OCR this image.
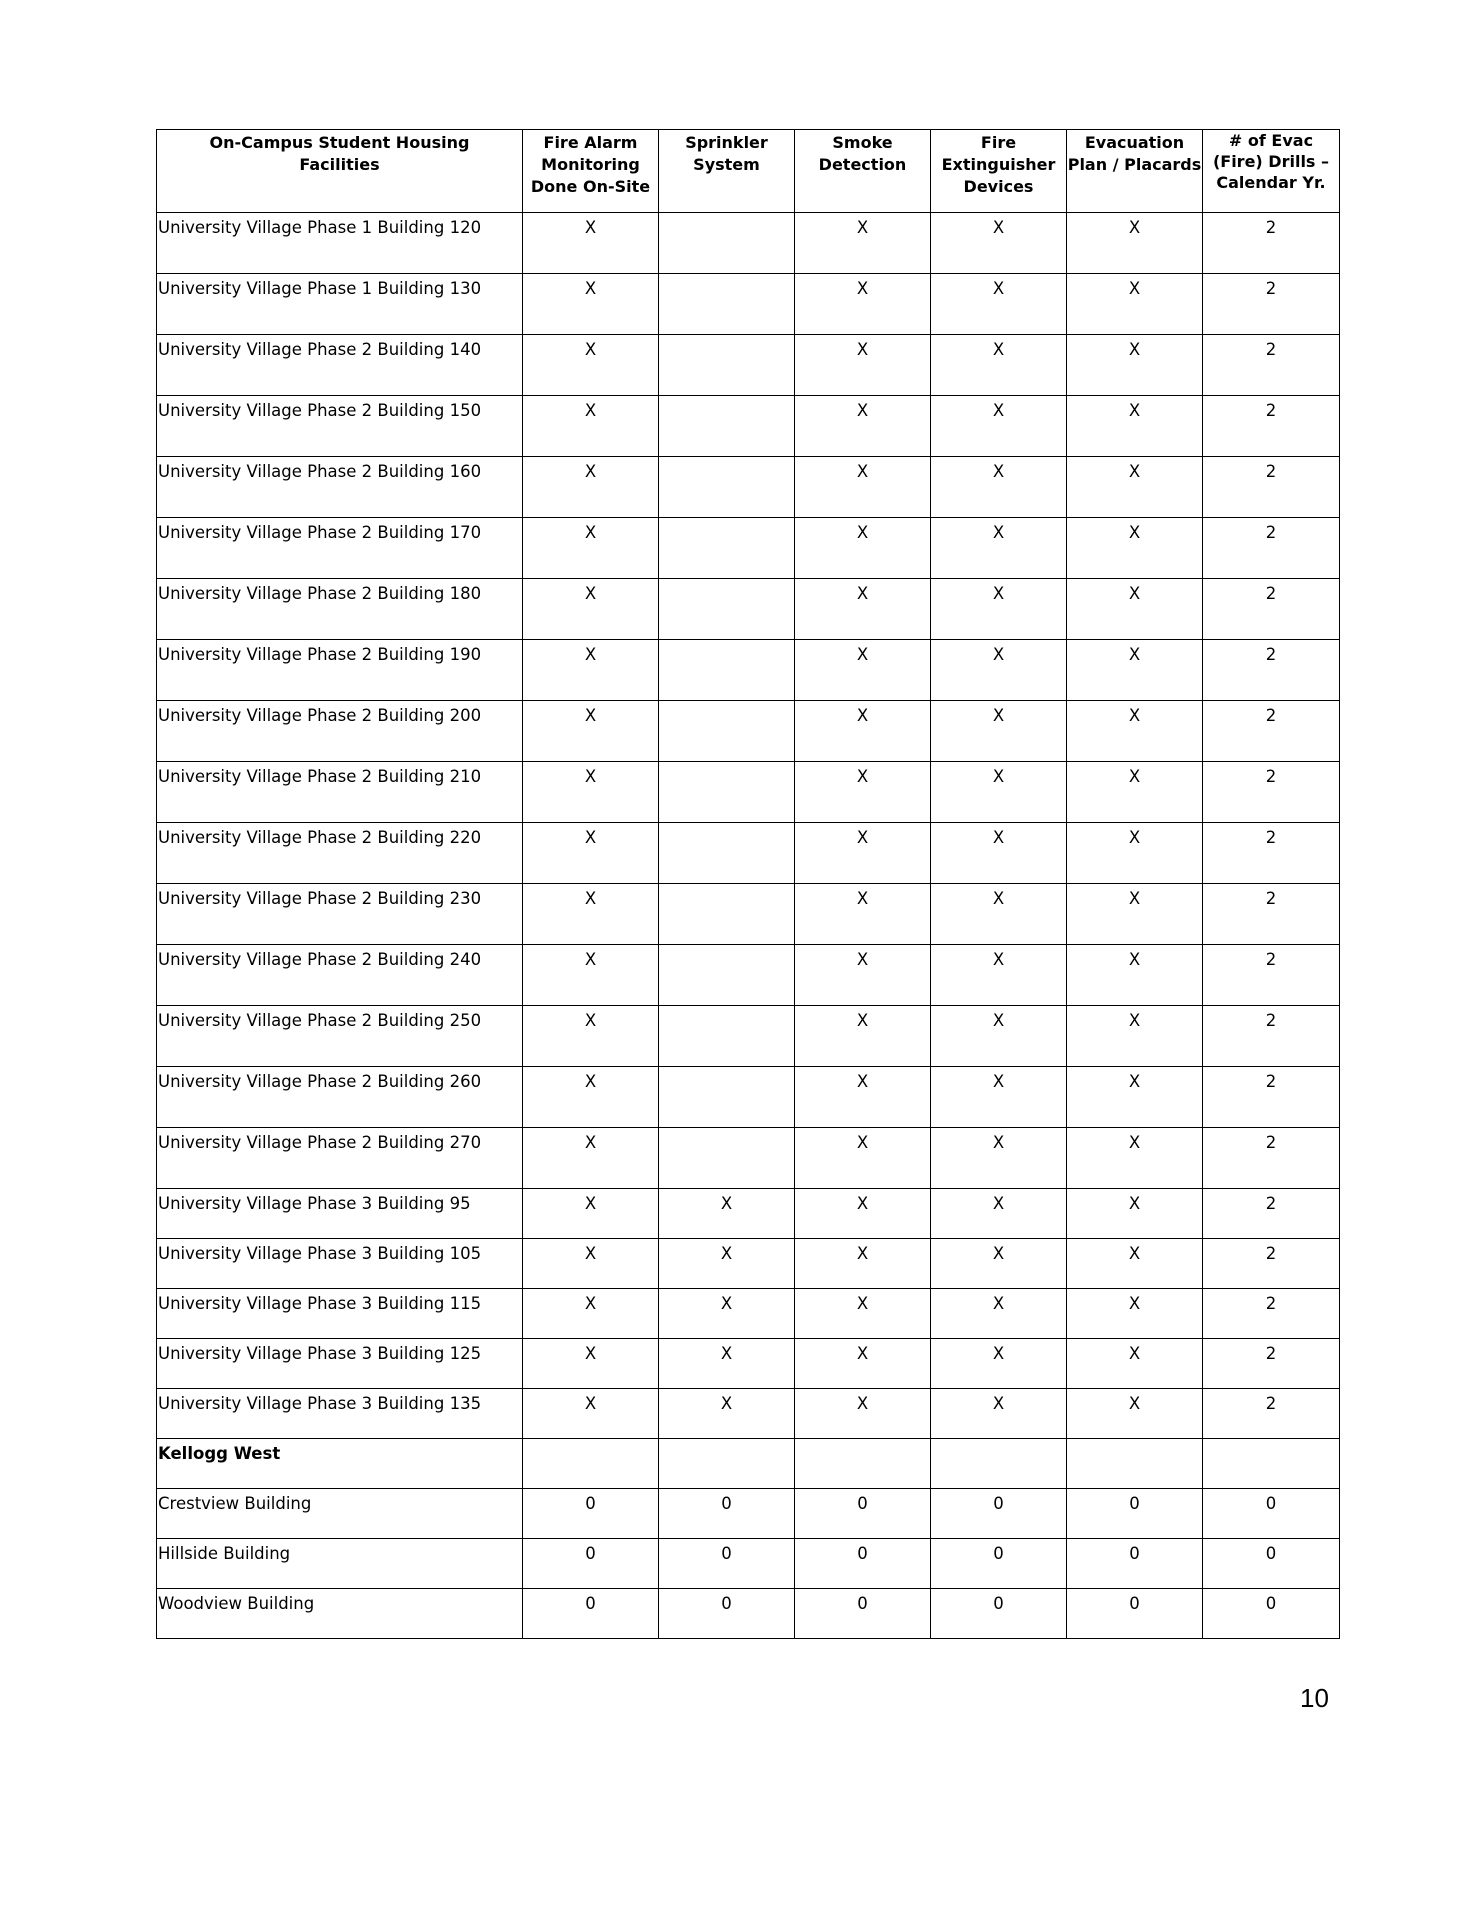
On-Campus Student Housing Facilities	Fire Alarm Monitoring Done On-Site	Sprinkler System	Smoke Detection	Fire Extinguisher Devices	Evacuation Plan / Placards	# of Evac (Fire) Drills – Calendar Yr.
University Village Phase 1 Building 120	X		X	X	X	2
University Village Phase 1 Building 130	X		X	X	X	2
University Village Phase 2 Building 140	X		X	X	X	2
University Village Phase 2 Building 150	X		X	X	X	2
University Village Phase 2 Building 160	X		X	X	X	2
University Village Phase 2 Building 170	X		X	X	X	2
University Village Phase 2 Building 180	X		X	X	X	2
University Village Phase 2 Building 190	X		X	X	X	2
University Village Phase 2 Building 200	X		X	X	X	2
University Village Phase 2 Building 210	X		X	X	X	2
University Village Phase 2 Building 220	X		X	X	X	2
University Village Phase 2 Building 230	X		X	X	X	2
University Village Phase 2 Building 240	X		X	X	X	2
University Village Phase 2 Building 250	X		X	X	X	2
University Village Phase 2 Building 260	X		X	X	X	2
University Village Phase 2 Building 270	X		X	X	X	2
University Village Phase 3 Building 95	X	X	X	X	X	2
University Village Phase 3 Building 105	X	X	X	X	X	2
University Village Phase 3 Building 115	X	X	X	X	X	2
University Village Phase 3 Building 125	X	X	X	X	X	2
University Village Phase 3 Building 135	X	X	X	X	X	2
Kellogg West						
Crestview Building	0	0	0	0	0	0
Hillside Building	0	0	0	0	0	0
Woodview Building	0	0	0	0	0	0
10
